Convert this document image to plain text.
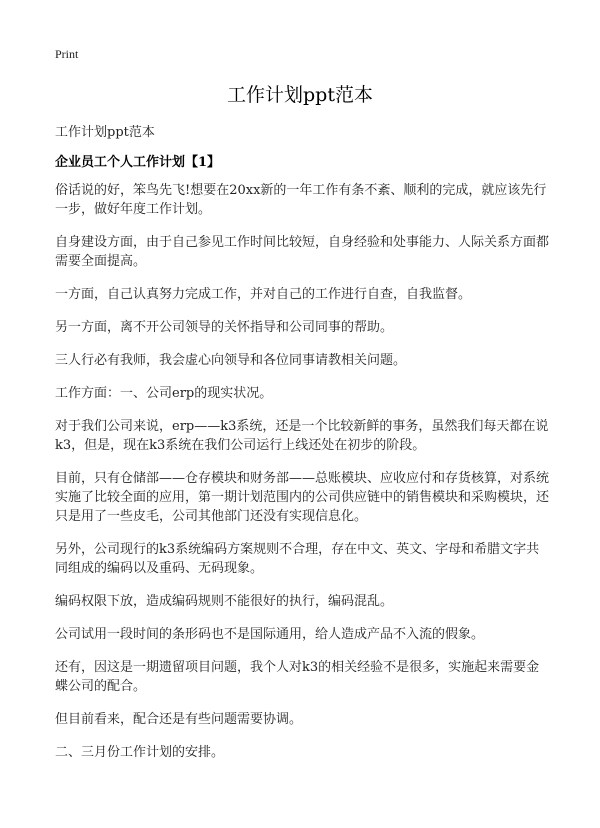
Print
工作计划ppt范本
工作计划ppt范本
企业员工个人工作计划【1】

俗话说的好，笨鸟先飞!想要在20xx新的一年工作有条不紊、顺利的完成，就应该先行一步，做好年度工作计划。

自身建设方面，由于自己参见工作时间比较短，自身经验和处事能力、人际关系方面都需要全面提高。

一方面，自己认真努力完成工作，并对自己的工作进行自查，自我监督。

另一方面，离不开公司领导的关怀指导和公司同事的帮助。

三人行必有我师，我会虚心向领导和各位同事请教相关问题。

工作方面：一、公司erp的现实状况。

对于我们公司来说，erp——k3系统，还是一个比较新鲜的事务，虽然我们每天都在说k3，但是，现在k3系统在我们公司运行上线还处在初步的阶段。

目前，只有仓储部——仓存模块和财务部——总账模块、应收应付和存货核算，对系统实施了比较全面的应用，第一期计划范围内的公司供应链中的销售模块和采购模块，还只是用了一些皮毛，公司其他部门还没有实现信息化。

另外，公司现行的k3系统编码方案规则不合理，存在中文、英文、字母和希腊文字共同组成的编码以及重码、无码现象。

编码权限下放，造成编码规则不能很好的执行，编码混乱。

公司试用一段时间的条形码也不是国际通用，给人造成产品不入流的假象。

还有，因这是一期遗留项目问题，我个人对k3的相关经验不是很多，实施起来需要金蝶公司的配合。

但目前看来，配合还是有些问题需要协调。

二、三月份工作计划的安排。
